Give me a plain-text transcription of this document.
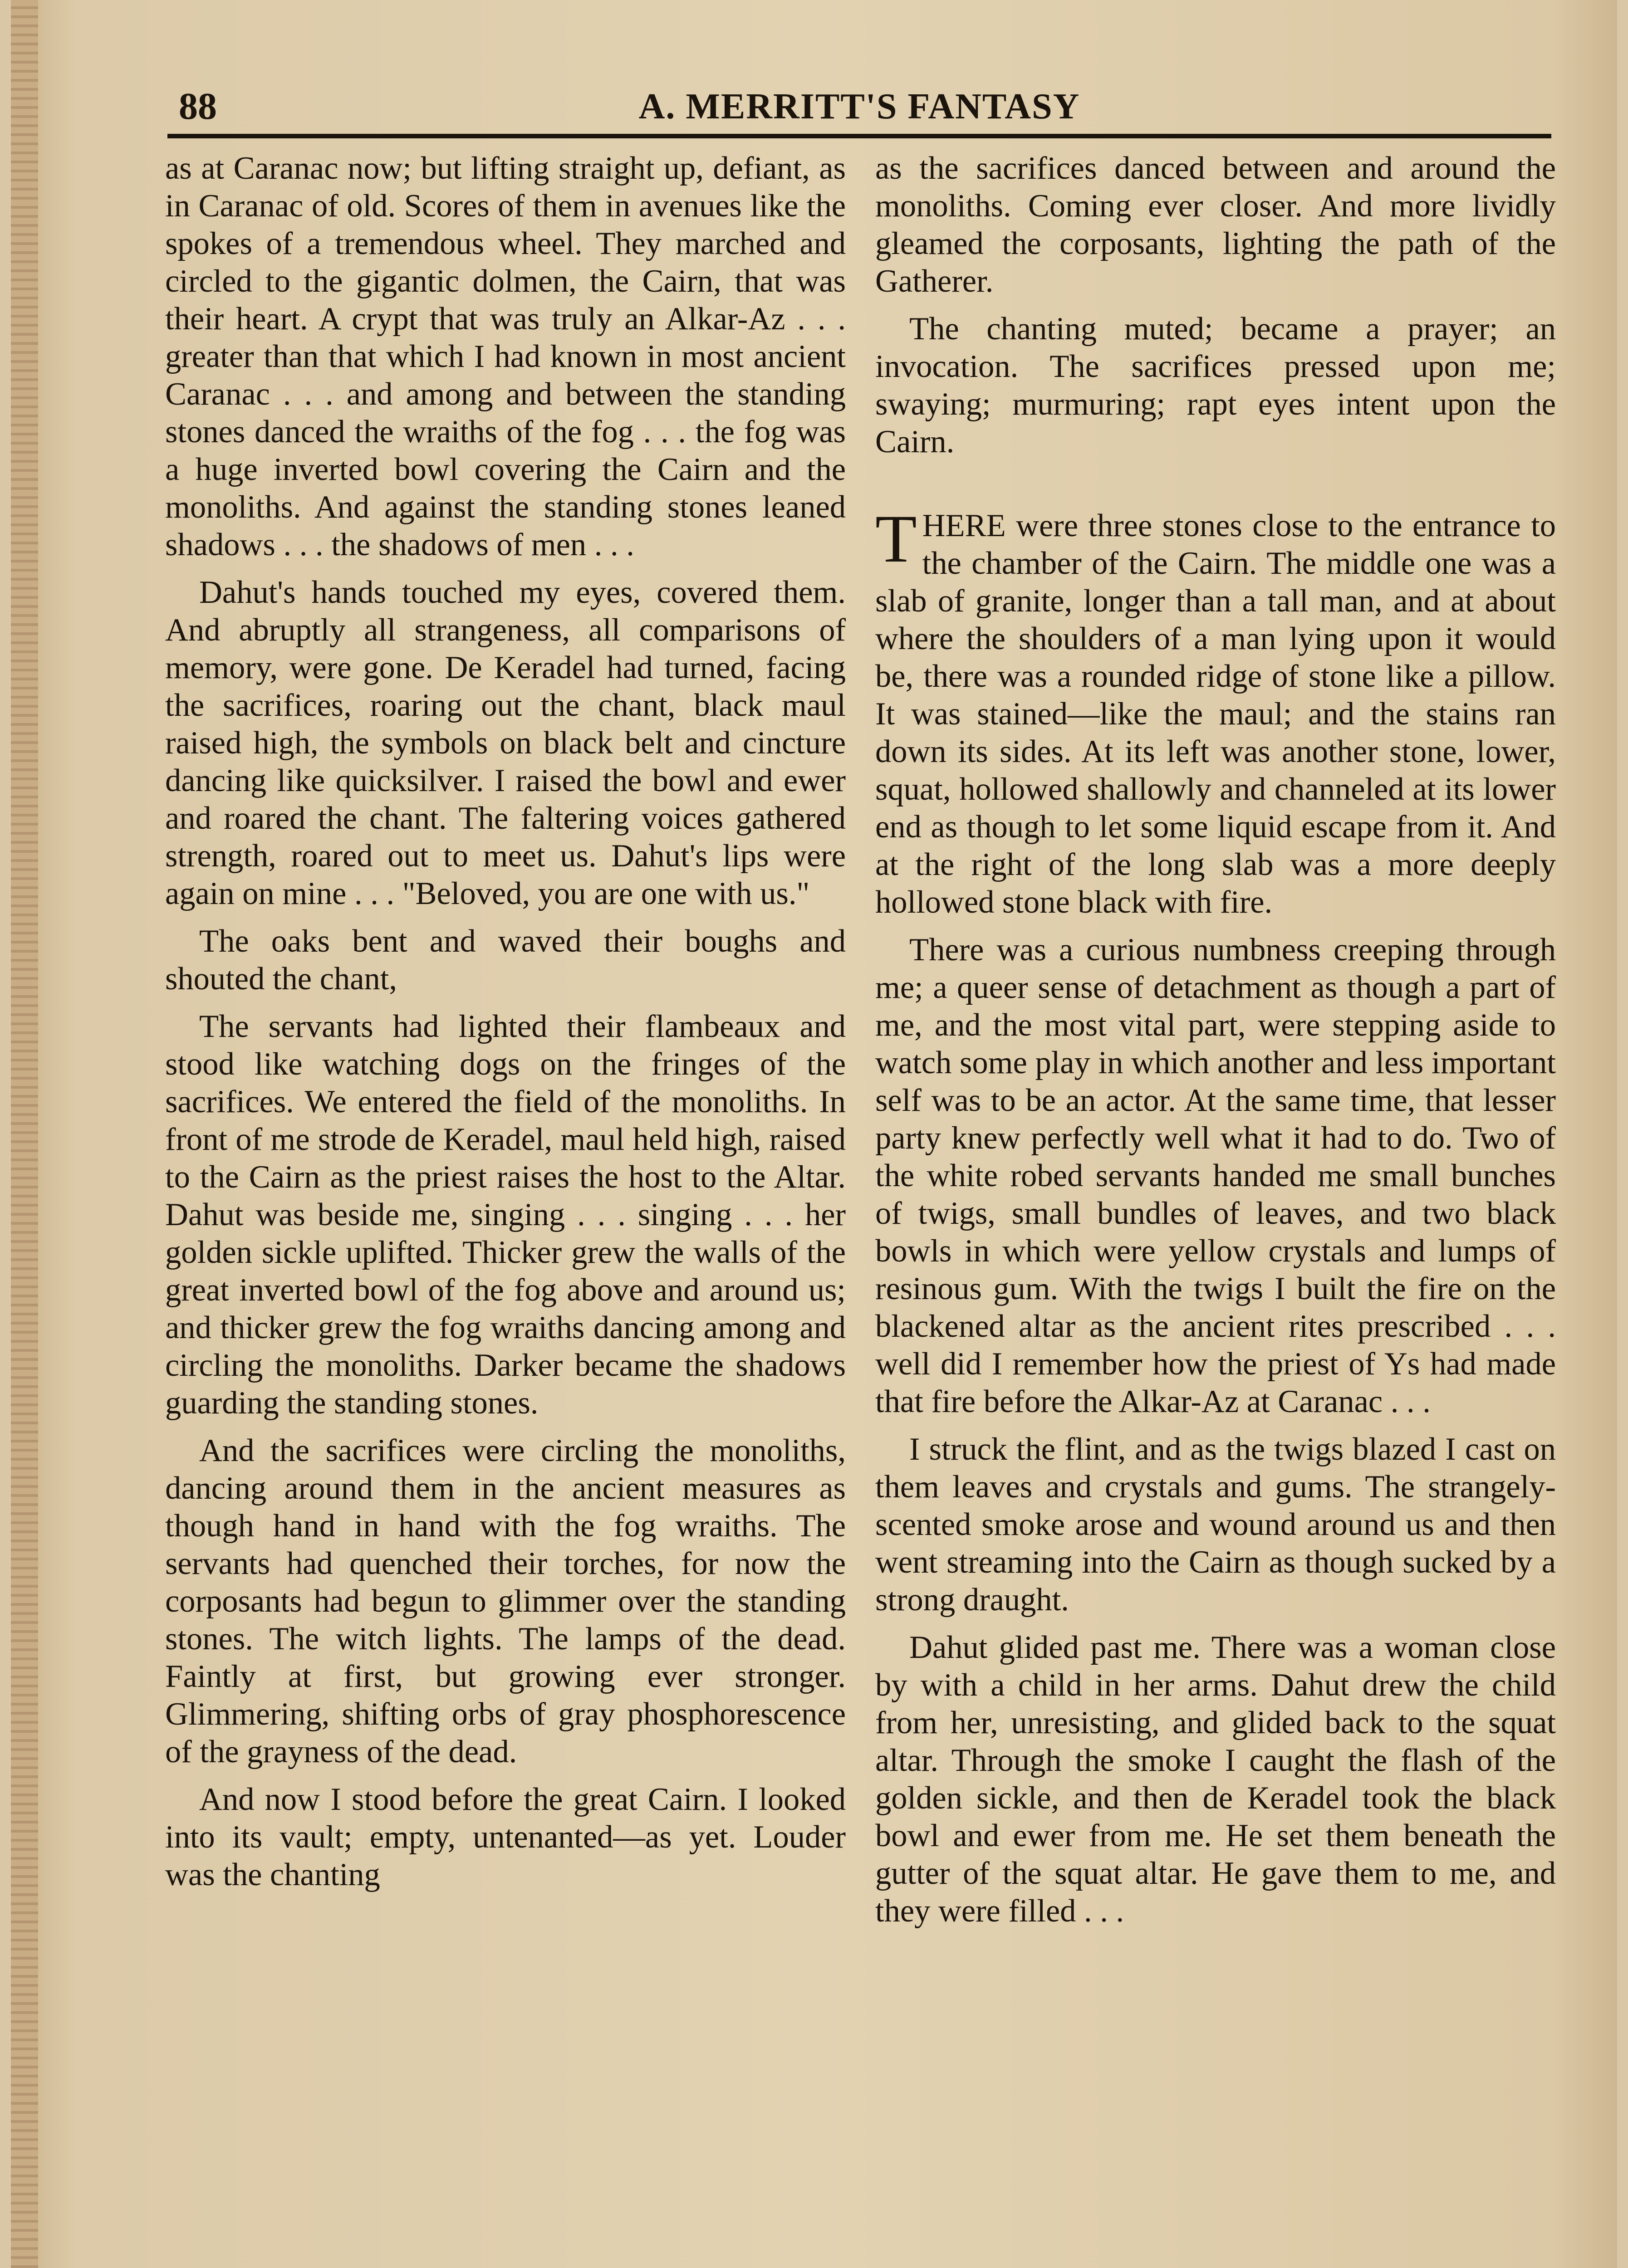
88	A. MERRITT'S FANTASY

as at Caranac now; but lifting straight up, defiant, as in Caranac of old. Scores of them in avenues like the spokes of a tremendous wheel. They marched and circled to the gigantic dolmen, the Cairn, that was their heart. A crypt that was truly an Alkar-Az . . . greater than that which I had known in most ancient Caranac . . . and among and between the standing stones danced the wraiths of the fog . . . the fog was a huge inverted bowl covering the Cairn and the monoliths. And against the standing stones leaned shadows . . . the shadows of men . . .

Dahut's hands touched my eyes, covered them. And abruptly all strangeness, all comparisons of memory, were gone. De Keradel had turned, facing the sacrifices, roaring out the chant, black maul raised high, the symbols on black belt and cincture dancing like quicksilver. I raised the bowl and ewer and roared the chant. The faltering voices gathered strength, roared out to meet us. Dahut's lips were again on mine . . . "Beloved, you are one with us."

The oaks bent and waved their boughs and shouted the chant,

The servants had lighted their flambeaux and stood like watching dogs on the fringes of the sacrifices. We entered the field of the monoliths. In front of me strode de Keradel, maul held high, raised to the Cairn as the priest raises the host to the Altar. Dahut was beside me, singing . . . singing . . . her golden sickle uplifted. Thicker grew the walls of the great inverted bowl of the fog above and around us; and thicker grew the fog wraiths dancing among and circling the monoliths. Darker became the shadows guarding the standing stones.

And the sacrifices were circling the monoliths, dancing around them in the ancient measures as though hand in hand with the fog wraiths. The servants had quenched their torches, for now the corposants had begun to glimmer over the standing stones. The witch lights. The lamps of the dead. Faintly at first, but growing ever stronger. Glimmering, shifting orbs of gray phosphorescence of the grayness of the dead.

And now I stood before the great Cairn. I looked into its vault; empty, untenanted—as yet. Louder was the chanting

as the sacrifices danced between and around the monoliths. Coming ever closer. And more lividly gleamed the corposants, lighting the path of the Gatherer.

The chanting muted; became a prayer; an invocation. The sacrifices pressed upon me; swaying; murmuring; rapt eyes intent upon the Cairn.

THERE were three stones close to the entrance to the chamber of the Cairn. The middle one was a slab of granite, longer than a tall man, and at about where the shoulders of a man lying upon it would be, there was a rounded ridge of stone like a pillow. It was stained—like the maul; and the stains ran down its sides. At its left was another stone, lower, squat, hollowed shallowly and channeled at its lower end as though to let some liquid escape from it. And at the right of the long slab was a more deeply hollowed stone black with fire.

There was a curious numbness creeping through me; a queer sense of detachment as though a part of me, and the most vital part, were stepping aside to watch some play in which another and less important self was to be an actor. At the same time, that lesser party knew perfectly well what it had to do. Two of the white robed servants handed me small bunches of twigs, small bundles of leaves, and two black bowls in which were yellow crystals and lumps of resinous gum. With the twigs I built the fire on the blackened altar as the ancient rites prescribed . . . well did I remember how the priest of Ys had made that fire before the Alkar-Az at Caranac . . .

I struck the flint, and as the twigs blazed I cast on them leaves and crystals and gums. The strangely-scented smoke arose and wound around us and then went streaming into the Cairn as though sucked by a strong draught.

Dahut glided past me. There was a woman close by with a child in her arms. Dahut drew the child from her, unresisting, and glided back to the squat altar. Through the smoke I caught the flash of the golden sickle, and then de Keradel took the black bowl and ewer from me. He set them beneath the gutter of the squat altar. He gave them to me, and they were filled . . .
